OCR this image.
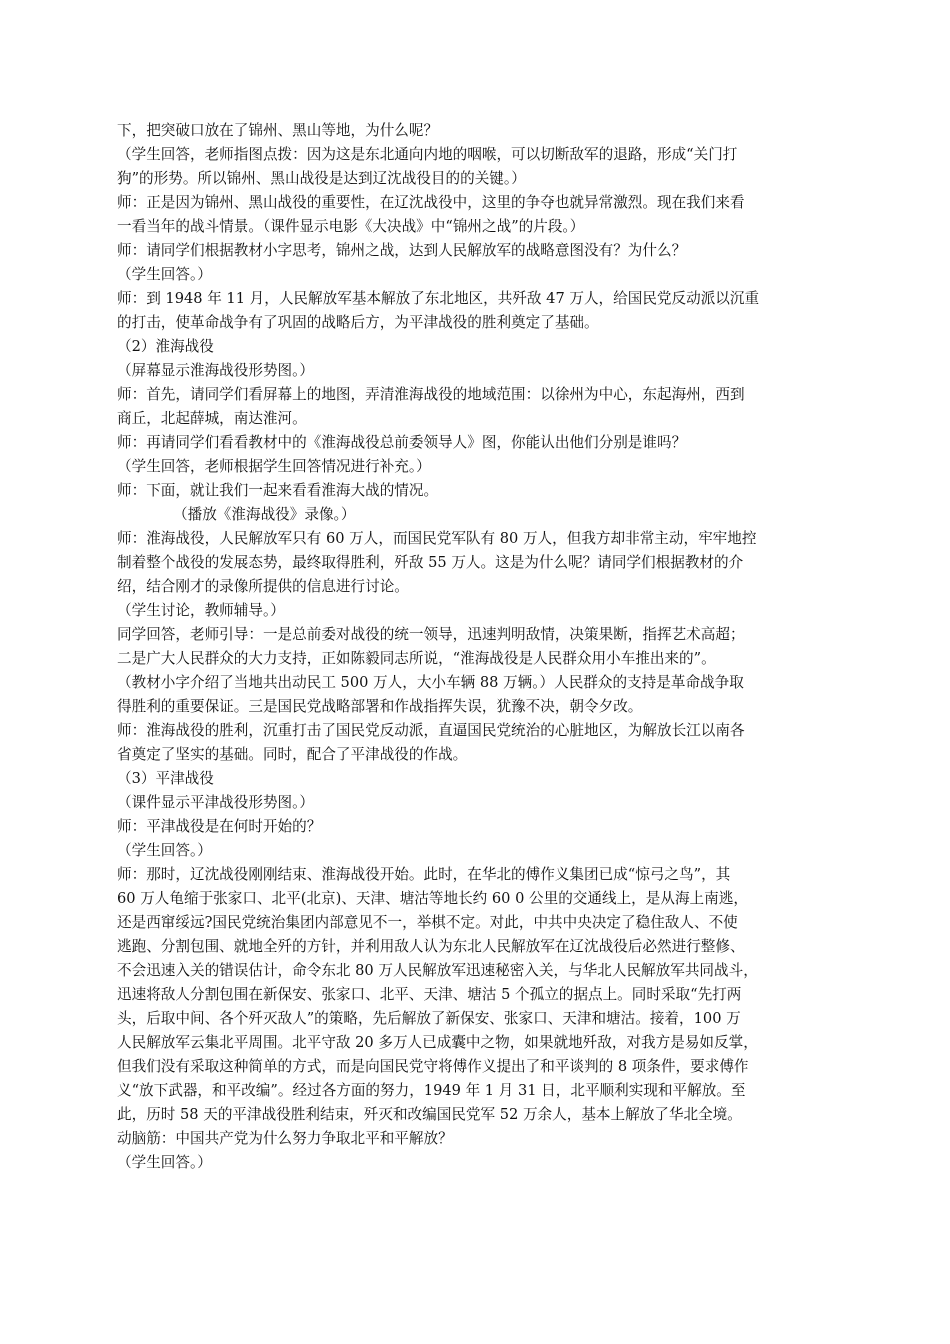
下，把突破口放在了锦州、黑山等地，为什么呢？
（学生回答，老师指图点拨：因为这是东北通向内地的咽喉，可以切断敌军的退路，形成“关门打
狗”的形势。所以锦州、黑山战役是达到辽沈战役目的的关键。）
师：正是因为锦州、黑山战役的重要性，在辽沈战役中，这里的争夺也就异常激烈。现在我们来看
一看当年的战斗情景。（课件显示电影《大决战》中“锦州之战”的片段。）
师：请同学们根据教材小字思考，锦州之战，达到人民解放军的战略意图没有？为什么？
（学生回答。）
师：到 1948 年 11 月，人民解放军基本解放了东北地区，共歼敌 47 万人，给国民党反动派以沉重
的打击，使革命战争有了巩固的战略后方，为平津战役的胜利奠定了基础。
（2）淮海战役
（屏幕显示淮海战役形势图。）
师：首先，请同学们看屏幕上的地图，弄清淮海战役的地域范围：以徐州为中心，东起海州，西到
商丘，北起薛城，南达淮河。
师：再请同学们看看教材中的《淮海战役总前委领导人》图，你能认出他们分别是谁吗？
（学生回答，老师根据学生回答情况进行补充。）
师：下面，就让我们一起来看看淮海大战的情况。
（播放《淮海战役》录像。）
师：淮海战役，人民解放军只有 60 万人，而国民党军队有 80 万人，但我方却非常主动，牢牢地控
制着整个战役的发展态势，最终取得胜利，歼敌 55 万人。这是为什么呢？请同学们根据教材的介
绍，结合刚才的录像所提供的信息进行讨论。
（学生讨论，教师辅导。）
同学回答，老师引导：一是总前委对战役的统一领导，迅速判明敌情，决策果断，指挥艺术高超；
二是广大人民群众的大力支持，正如陈毅同志所说，“淮海战役是人民群众用小车推出来的”。
（教材小字介绍了当地共出动民工 500 万人，大小车辆 88 万辆。）人民群众的支持是革命战争取
得胜利的重要保证。三是国民党战略部署和作战指挥失误，犹豫不决，朝令夕改。
师：淮海战役的胜利，沉重打击了国民党反动派，直逼国民党统治的心脏地区，为解放长江以南各
省奠定了坚实的基础。同时，配合了平津战役的作战。
（3）平津战役
（课件显示平津战役形势图。）
师：平津战役是在何时开始的？
（学生回答。）
师：那时，辽沈战役刚刚结束、淮海战役开始。此时，在华北的傅作义集团已成“惊弓之鸟”，其
60 万人龟缩于张家口、北平(北京)、天津、塘沽等地长约 60 0 公里的交通线上，是从海上南逃，
还是西窜绥远?国民党统治集团内部意见不一，举棋不定。对此，中共中央决定了稳住敌人、不使
逃跑、分割包围、就地全歼的方针，并利用敌人认为东北人民解放军在辽沈战役后必然进行整修、
不会迅速入关的错误估计，命令东北 80 万人民解放军迅速秘密入关，与华北人民解放军共同战斗，
迅速将敌人分割包围在新保安、张家口、北平、天津、塘沽 5 个孤立的据点上。同时采取“先打两
头，后取中间、各个歼灭敌人”的策略，先后解放了新保安、张家口、天津和塘沽。接着，100 万
人民解放军云集北平周围。北平守敌 20 多万人已成囊中之物，如果就地歼敌，对我方是易如反掌，
但我们没有采取这种简单的方式，而是向国民党守将傅作义提出了和平谈判的 8 项条件，要求傅作
义“放下武器，和平改编”。经过各方面的努力，1949 年 1 月 31 日，北平顺利实现和平解放。至
此，历时 58 天的平津战役胜利结束，歼灭和改编国民党军 52 万余人，基本上解放了华北全境。
动脑筋：中国共产党为什么努力争取北平和平解放？
（学生回答。）
